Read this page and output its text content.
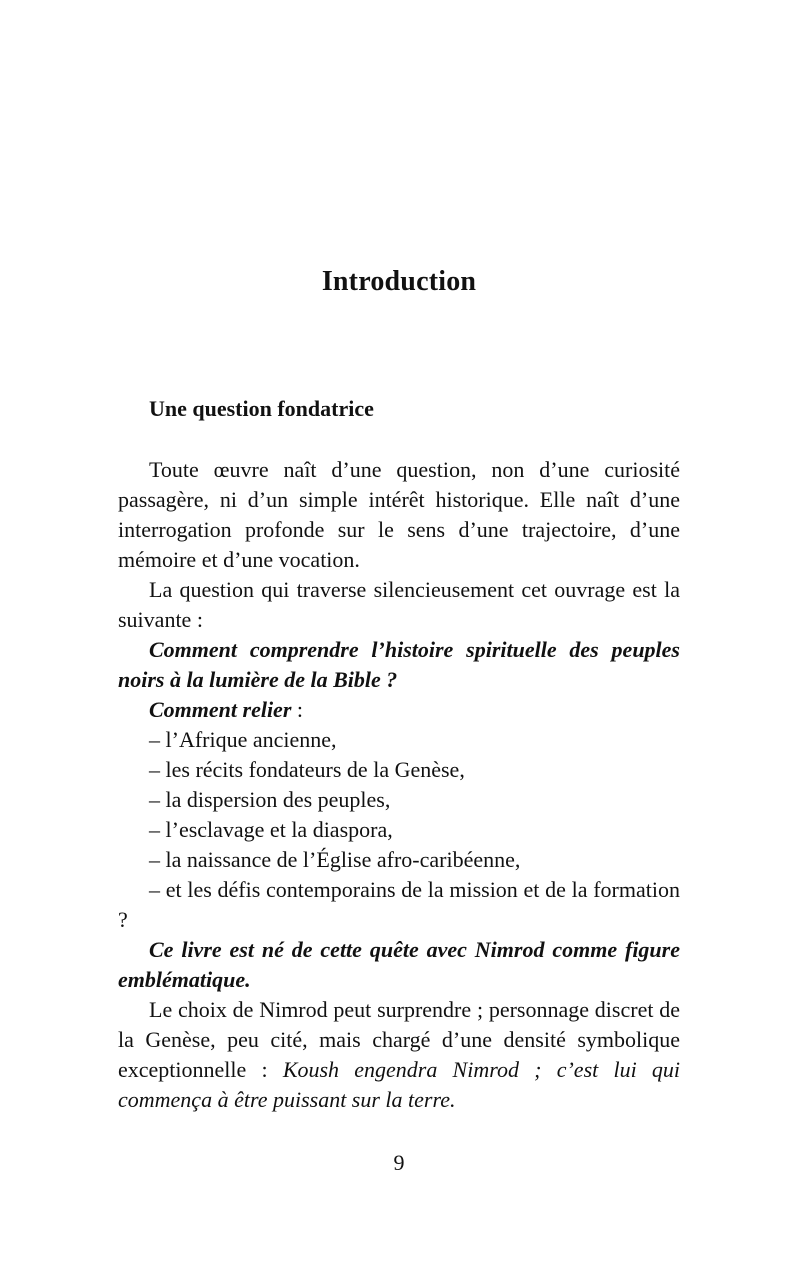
Introduction
Une question fondatrice

Toute œuvre naît d’une question, non d’une curiosité passagère, ni d’un simple intérêt historique. Elle naît d’une interrogation profonde sur le sens d’une trajectoire, d’une mémoire et d’une vocation.

La question qui traverse silencieusement cet ouvrage est la suivante :

Comment comprendre l’histoire spirituelle des peuples noirs à la lumière de la Bible ?

Comment relier :

– l’Afrique ancienne,
– les récits fondateurs de la Genèse,
– la dispersion des peuples,
– l’esclavage et la diaspora,
– la naissance de l’Église afro-caribéenne,
– et les défis contemporains de la mission et de la formation ?

Ce livre est né de cette quête avec Nimrod comme figure emblématique.

Le choix de Nimrod peut surprendre ; personnage discret de la Genèse, peu cité, mais chargé d’une densité symbolique exceptionnelle : Koush engendra Nimrod ; c’est lui qui commença à être puissant sur la terre.

9
